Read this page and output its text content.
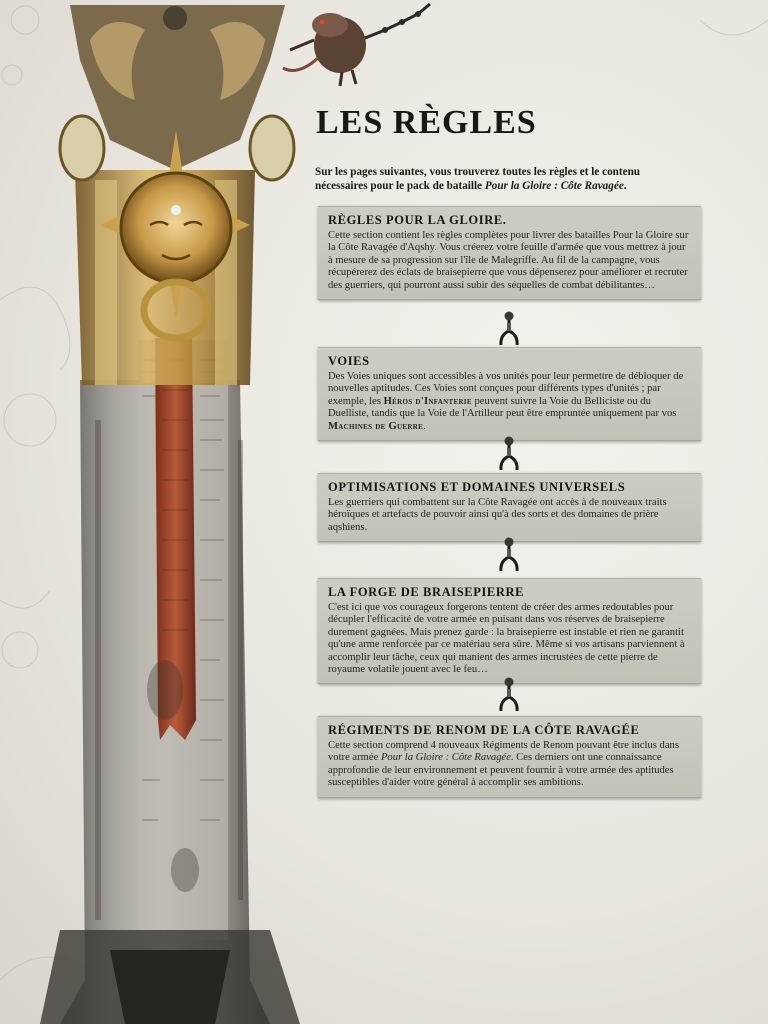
LES RÈGLES

Sur les pages suivantes, vous trouverez toutes les règles et le contenu nécessaires pour le pack de bataille Pour la Gloire : Côte Ravagée.

RÈGLES POUR LA GLOIRE.

Cette section contient les règles complètes pour livrer des batailles Pour la Gloire sur la Côte Ravagée d'Aqshy. Vous créerez votre feuille d'armée que vous mettrez à jour à mesure de sa progression sur l'île de Malegriffe. Au fil de la campagne, vous récupérerez des éclats de braisepierre que vous dépenserez pour améliorer et recruter des guerriers, qui pourront aussi subir des séquelles de combat débilitantes…

VOIES

Des Voies uniques sont accessibles à vos unités pour leur permettre de débloquer de nouvelles aptitudes. Ces Voies sont conçues pour différents types d'unités ; par exemple, les Héros d'Infanterie peuvent suivre la Voie du Belliciste ou du Duelliste, tandis que la Voie de l'Artilleur peut être empruntée uniquement par vos Machines de Guerre.

OPTIMISATIONS ET DOMAINES UNIVERSELS

Les guerriers qui combattent sur la Côte Ravagée ont accès à de nouveaux traits héroïques et artefacts de pouvoir ainsi qu'à des sorts et des domaines de prière aqshiens.

LA FORGE DE BRAISEPIERRE

C'est ici que vos courageux forgerons tentent de créer des armes redoutables pour décupler l'efficacité de votre armée en puisant dans vos réserves de braisepierre durement gagnées. Mais prenez garde : la braisepierre est instable et rien ne garantit qu'une arme renforcée par ce matériau sera sûre. Même si vos artisans parviennent à accomplir leur tâche, ceux qui manient des armes incrustées de cette pierre de royaume volatile jouent avec le feu…

RÉGIMENTS DE RENOM DE LA CÔTE RAVAGÉE

Cette section comprend 4 nouveaux Régiments de Renom pouvant être inclus dans votre armée Pour la Gloire : Côte Ravagée. Ces derniers ont une connaissance approfondie de leur environnement et peuvent fournir à votre armée des aptitudes susceptibles d'aider votre général à accomplir ses ambitions.
